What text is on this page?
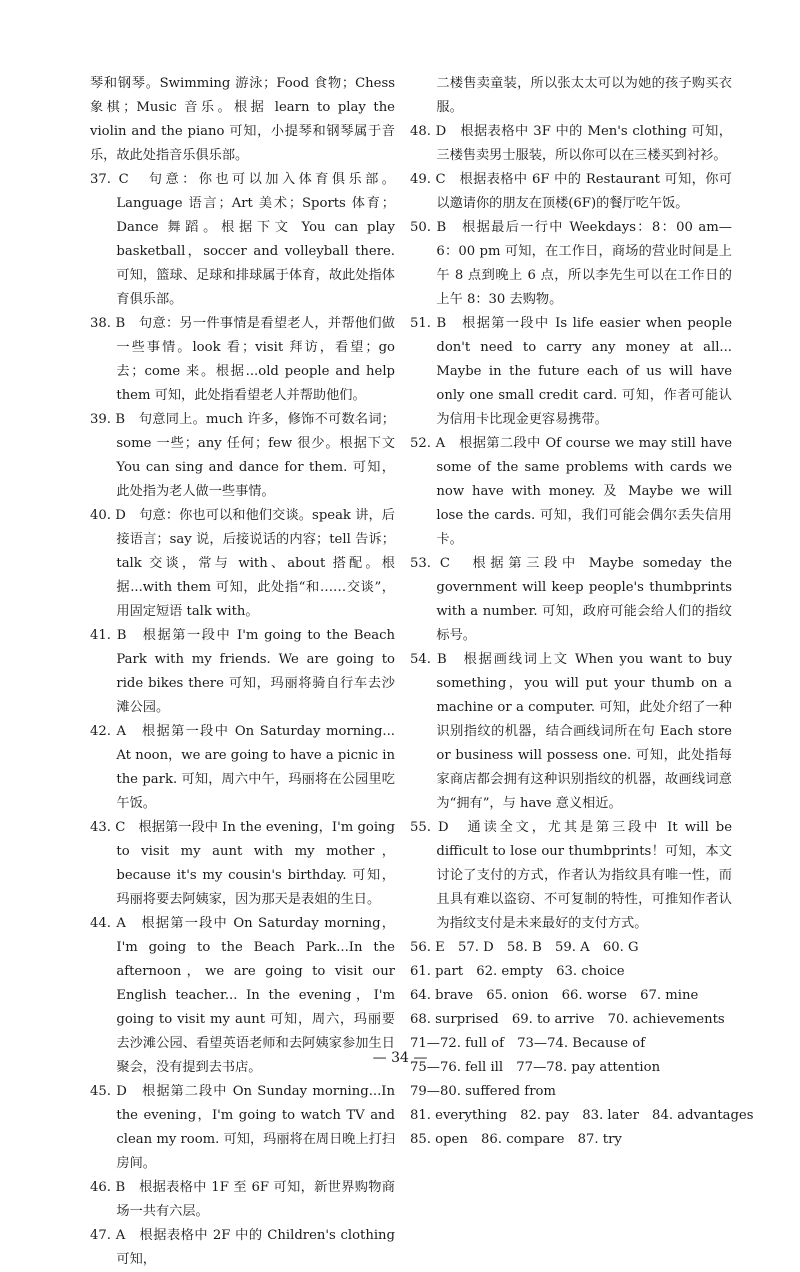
琴和钢琴。Swimming 游泳；Food 食物；Chess 象棋；Music 音乐。根据 learn to play the violin and the piano 可知，小提琴和钢琴属于音乐，故此处指音乐俱乐部。

37. C　句意：你也可以加入体育俱乐部。Language 语言；Art 美术；Sports 体育；Dance 舞蹈。根据下文 You can play basketball，soccer and volleyball there. 可知，篮球、足球和排球属于体育，故此处指体育俱乐部。

38. B　句意：另一件事情是看望老人，并帮他们做一些事情。look 看；visit 拜访，看望；go 去；come 来。根据...old people and help them 可知，此处指看望老人并帮助他们。

39. B　句意同上。much 许多，修饰不可数名词；some 一些；any 任何；few 很少。根据下文 You can sing and dance for them. 可知，此处指为老人做一些事情。

40. D　句意：你也可以和他们交谈。speak 讲，后接语言；say 说，后接说话的内容；tell 告诉；talk 交谈，常与 with、about 搭配。根据...with them 可知，此处指“和……交谈”，用固定短语 talk with。

41. B　根据第一段中 I'm going to the Beach Park with my friends. We are going to ride bikes there 可知，玛丽将骑自行车去沙滩公园。

42. A　根据第一段中 On Saturday morning... At noon，we are going to have a picnic in the park. 可知，周六中午，玛丽将在公园里吃午饭。

43. C　根据第一段中 In the evening，I'm going to visit my aunt with my mother，because it's my cousin's birthday. 可知，玛丽将要去阿姨家，因为那天是表姐的生日。

44. A　根据第一段中 On Saturday morning，I'm going to the Beach Park...In the afternoon，we are going to visit our English teacher... In the evening，I'm going to visit my aunt 可知，周六，玛丽要去沙滩公园、看望英语老师和去阿姨家参加生日聚会，没有提到去书店。

45. D　根据第二段中 On Sunday morning...In the evening，I'm going to watch TV and clean my room. 可知，玛丽将在周日晚上打扫房间。

46. B　根据表格中 1F 至 6F 可知，新世界购物商场一共有六层。

47. A　根据表格中 2F 中的 Children's clothing 可知，

二楼售卖童装，所以张太太可以为她的孩子购买衣服。

48. D　根据表格中 3F 中的 Men's clothing 可知，三楼售卖男士服装，所以你可以在三楼买到衬衫。

49. C　根据表格中 6F 中的 Restaurant 可知，你可以邀请你的朋友在顶楼(6F)的餐厅吃午饭。

50. B　根据最后一行中 Weekdays：8：00 am—6：00 pm 可知，在工作日，商场的营业时间是上午 8 点到晚上 6 点，所以李先生可以在工作日的上午 8：30 去购物。

51. B　根据第一段中 Is life easier when people don't need to carry any money at all... Maybe in the future each of us will have only one small credit card. 可知，作者可能认为信用卡比现金更容易携带。

52. A　根据第二段中 Of course we may still have some of the same problems with cards we now have with money. 及 Maybe we will lose the cards. 可知，我们可能会偶尔丢失信用卡。

53. C　根据第三段中 Maybe someday the government will keep people's thumbprints with a number. 可知，政府可能会给人们的指纹标号。

54. B　根据画线词上文 When you want to buy something，you will put your thumb on a machine or a computer. 可知，此处介绍了一种识别指纹的机器，结合画线词所在句 Each store or business will possess one. 可知，此处指每家商店都会拥有这种识别指纹的机器，故画线词意为“拥有”，与 have 意义相近。

55. D　通读全文，尤其是第三段中 It will be difficult to lose our thumbprints！可知，本文讨论了支付的方式，作者认为指纹具有唯一性，而且具有难以盗窃、不可复制的特性，可推知作者认为指纹支付是未来最好的支付方式。

56. E　57. D　58. B　59. A　60. G

61. part　62. empty　63. choice

64. brave　65. onion　66. worse　67. mine

68. surprised　69. to arrive　70. achievements

71—72. full of　73—74. Because of

75—76. fell ill　77—78. pay attention

79—80. suffered from

81. everything　82. pay　83. later　84. advantages

85. open　86. compare　87. try

— 34 —
